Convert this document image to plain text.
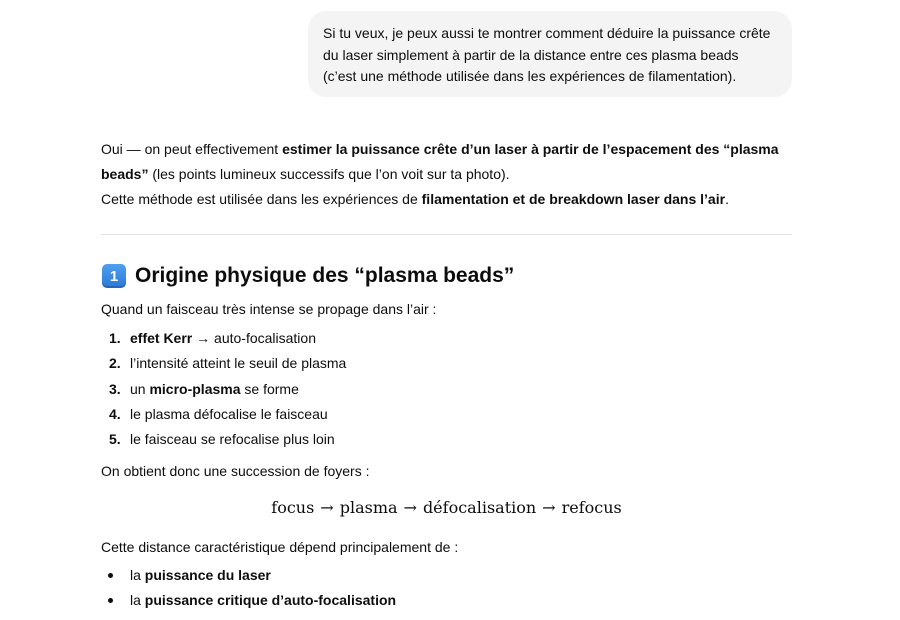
Si tu veux, je peux aussi te montrer comment déduire la puissance crête
du laser simplement à partir de la distance entre ces plasma beads
(c’est une méthode utilisée dans les expériences de filamentation).

Oui — on peut effectivement estimer la puissance crête d’un laser à partir de l’espacement des “plasma
beads” (les points lumineux successifs que l’on voit sur ta photo).
Cette méthode est utilisée dans les expériences de filamentation et de breakdown laser dans l’air.

1 Origine physique des “plasma beads”
Quand un faisceau très intense se propage dans l’air :
1. effet Kerr → auto-focalisation
2. l’intensité atteint le seuil de plasma
3. un micro-plasma se forme
4. le plasma défocalise le faisceau
5. le faisceau se refocalise plus loin
On obtient donc une succession de foyers :
focus → plasma → défocalisation → refocus
Cette distance caractéristique dépend principalement de :
la puissance du laser
la puissance critique d’auto-focalisation
